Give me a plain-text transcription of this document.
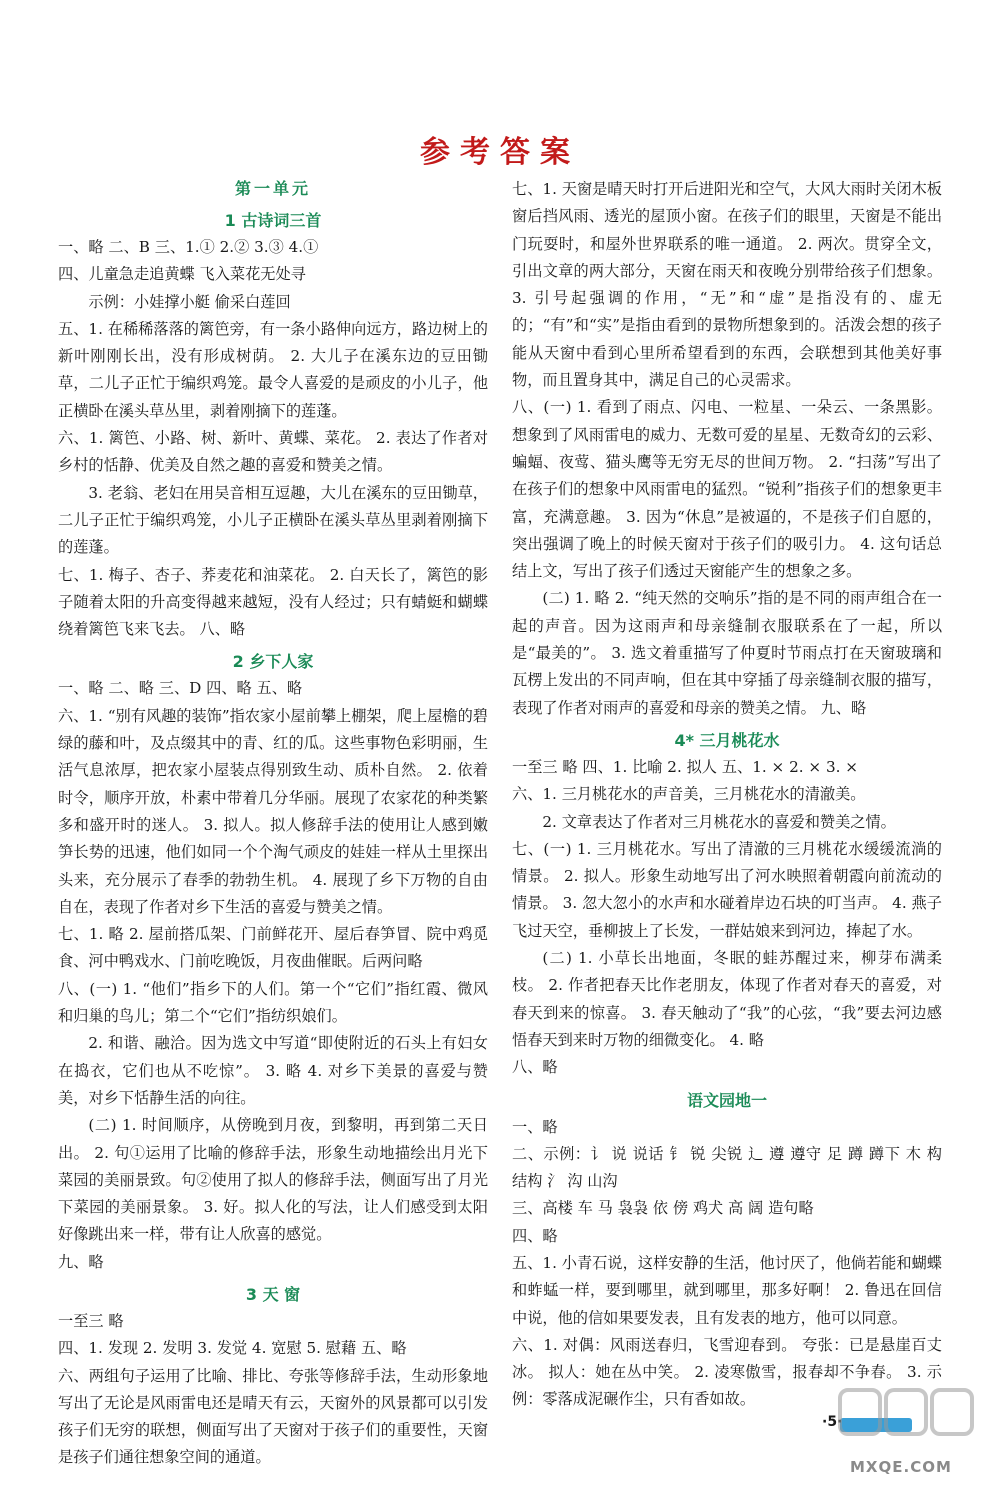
参考答案
第一单元
1 古诗词三首
一、略 二、B 三、1.① 2.② 3.③ 4.①
四、儿童急走追黄蝶 飞入菜花无处寻
示例：小娃撑小艇 偷采白莲回
五、1. 在稀稀落落的篱笆旁，有一条小路伸向远方，路边树上的新叶刚刚长出，没有形成树荫。 2. 大儿子在溪东边的豆田锄草，二儿子正忙于编织鸡笼。最令人喜爱的是顽皮的小儿子，他正横卧在溪头草丛里，剥着刚摘下的莲蓬。
六、1. 篱笆、小路、树、新叶、黄蝶、菜花。 2. 表达了作者对乡村的恬静、优美及自然之趣的喜爱和赞美之情。
3. 老翁、老妇在用吴音相互逗趣，大儿在溪东的豆田锄草，二儿子正忙于编织鸡笼，小儿子正横卧在溪头草丛里剥着刚摘下的莲蓬。
七、1. 梅子、杏子、荞麦花和油菜花。 2. 白天长了，篱笆的影子随着太阳的升高变得越来越短，没有人经过；只有蜻蜓和蝴蝶绕着篱笆飞来飞去。 八、略
2 乡下人家
一、略 二、略 三、D 四、略 五、略
六、1. “别有风趣的装饰”指农家小屋前攀上棚架，爬上屋檐的碧绿的藤和叶，及点缀其中的青、红的瓜。这些事物色彩明丽，生活气息浓厚，把农家小屋装点得别致生动、质朴自然。 2. 依着时令，顺序开放，朴素中带着几分华丽。展现了农家花的种类繁多和盛开时的迷人。 3. 拟人。拟人修辞手法的使用让人感到嫩笋长势的迅速，他们如同一个个淘气顽皮的娃娃一样从土里探出头来，充分展示了春季的勃勃生机。 4. 展现了乡下万物的自由自在，表现了作者对乡下生活的喜爱与赞美之情。
七、1. 略 2. 屋前搭瓜架、门前鲜花开、屋后春笋冒、院中鸡觅食、河中鸭戏水、门前吃晚饭，月夜曲催眠。后两问略
八、(一) 1. “他们”指乡下的人们。第一个“它们”指红霞、微风和归巢的鸟儿；第二个“它们”指纺织娘们。
2. 和谐、融洽。因为选文中写道“即使附近的石头上有妇女在捣衣，它们也从不吃惊”。 3. 略 4. 对乡下美景的喜爱与赞美，对乡下恬静生活的向往。
(二) 1. 时间顺序，从傍晚到月夜，到黎明，再到第二天日出。 2. 句①运用了比喻的修辞手法，形象生动地描绘出月光下菜园的美丽景致。句②使用了拟人的修辞手法，侧面写出了月光下菜园的美丽景象。 3. 好。拟人化的写法，让人们感受到太阳好像跳出来一样，带有让人欣喜的感觉。
九、略
3 天 窗
一至三 略
四、1. 发现 2. 发明 3. 发觉 4. 宽慰 5. 慰藉 五、略
六、两组句子运用了比喻、排比、夸张等修辞手法，生动形象地写出了无论是风雨雷电还是晴天有云，天窗外的风景都可以引发孩子们无穷的联想，侧面写出了天窗对于孩子们的重要性，天窗是孩子们通往想象空间的通道。
七、1. 天窗是晴天时打开后进阳光和空气，大风大雨时关闭木板窗后挡风雨、透光的屋顶小窗。在孩子们的眼里，天窗是不能出门玩耍时，和屋外世界联系的唯一通道。 2. 两次。贯穿全文，引出文章的两大部分，天窗在雨天和夜晚分别带给孩子们想象。 3. 引号起强调的作用，“无”和“虚”是指没有的、虚无的；“有”和“实”是指由看到的景物所想象到的。活泼会想的孩子能从天窗中看到心里所希望看到的东西，会联想到其他美好事物，而且置身其中，满足自己的心灵需求。
八、(一) 1. 看到了雨点、闪电、一粒星、一朵云、一条黑影。想象到了风雨雷电的威力、无数可爱的星星、无数奇幻的云彩、蝙蝠、夜莺、猫头鹰等无穷无尽的世间万物。 2. “扫荡”写出了在孩子们的想象中风雨雷电的猛烈。“锐利”指孩子们的想象更丰富，充满意趣。 3. 因为“休息”是被逼的，不是孩子们自愿的，突出强调了晚上的时候天窗对于孩子们的吸引力。 4. 这句话总结上文，写出了孩子们透过天窗能产生的想象之多。
(二) 1. 略 2. “纯天然的交响乐”指的是不同的雨声组合在一起的声音。因为这雨声和母亲缝制衣服联系在了一起，所以是“最美的”。 3. 选文着重描写了仲夏时节雨点打在天窗玻璃和瓦楞上发出的不同声响，但在其中穿插了母亲缝制衣服的描写，表现了作者对雨声的喜爱和母亲的赞美之情。 九、略
4* 三月桃花水
一至三 略 四、1. 比喻 2. 拟人 五、1. × 2. × 3. ×
六、1. 三月桃花水的声音美，三月桃花水的清澈美。
2. 文章表达了作者对三月桃花水的喜爱和赞美之情。
七、(一) 1. 三月桃花水。写出了清澈的三月桃花水缓缓流淌的情景。 2. 拟人。形象生动地写出了河水映照着朝霞向前流动的情景。 3. 忽大忽小的水声和水碰着岸边石块的叮当声。 4. 燕子飞过天空，垂柳披上了长发，一群姑娘来到河边，捧起了水。
(二) 1. 小草长出地面，冬眠的蛙苏醒过来，柳芽布满柔枝。 2. 作者把春天比作老朋友，体现了作者对春天的喜爱，对春天到来的惊喜。 3. 春天触动了“我”的心弦，“我”要去河边感悟春天到来时万物的细微变化。 4. 略
八、略
语文园地一
一、略
二、示例：讠 说 说话 钅 锐 尖锐 辶 遵 遵守 足 蹲 蹲下 木 构 结构 氵 沟 山沟
三、高楼 车 马 袅袅 依 傍 鸡犬 高 阔 造句略
四、略
五、1. 小青石说，这样安静的生活，他讨厌了，他倘若能和蝴蝶和蚱蜢一样，要到哪里，就到哪里，那多好啊！ 2. 鲁迅在回信中说，他的信如果要发表，且有发表的地方，他可以同意。
六、1. 对偶：风雨送春归，飞雪迎春到。 夸张：已是悬崖百丈冰。 拟人：她在丛中笑。 2. 凌寒傲雪，报春却不争春。 3. 示例：零落成泥碾作尘，只有香如故。
·5·
MXQE.COM
